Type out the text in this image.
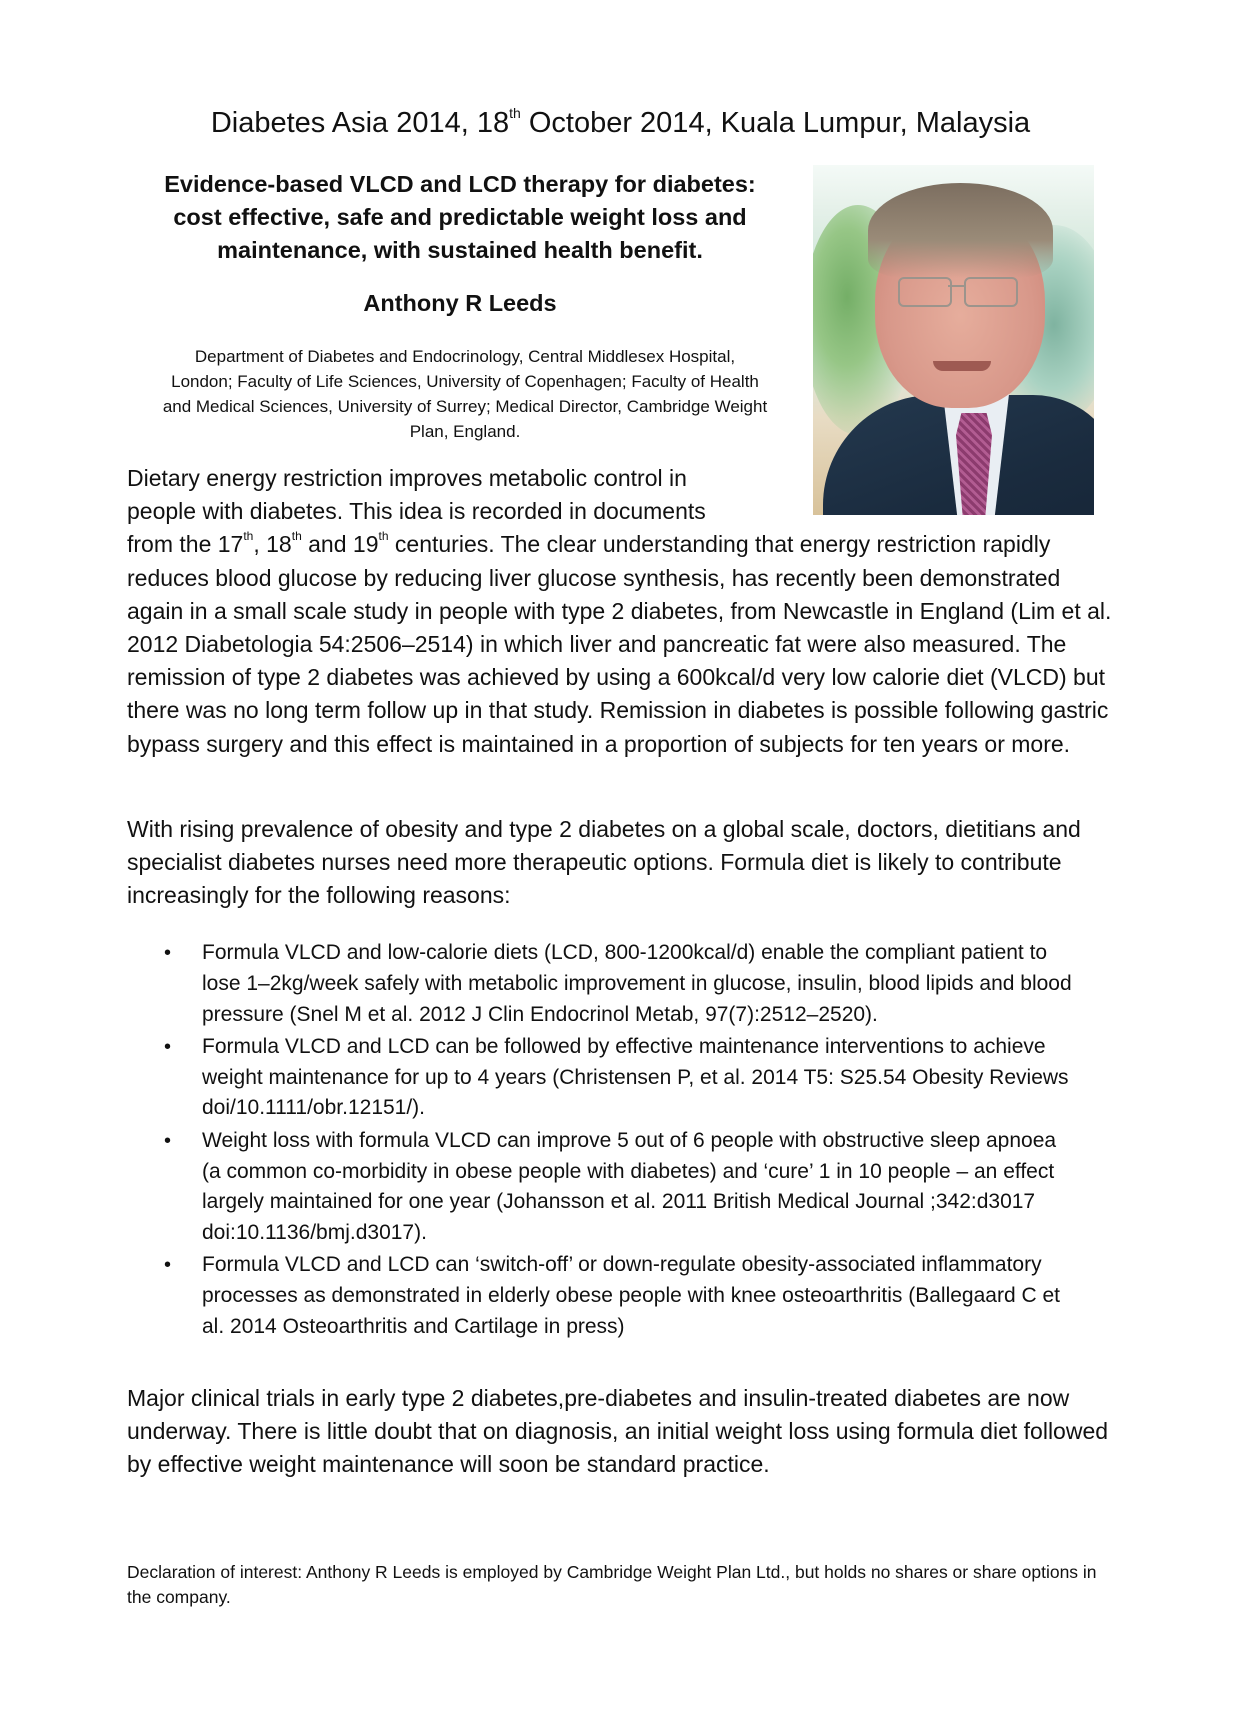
Diabetes Asia 2014, 18th October 2014, Kuala Lumpur, Malaysia
Evidence-based VLCD and LCD therapy for diabetes:
cost effective, safe and predictable weight loss and
maintenance, with sustained health benefit.
Anthony R Leeds
Department of Diabetes and Endocrinology, Central Middlesex Hospital,
London; Faculty of Life Sciences, University of Copenhagen; Faculty of Health
and Medical Sciences, University of Surrey; Medical Director, Cambridge Weight
Plan, England.
Dietary energy restriction improves metabolic control in
people with diabetes. This idea is recorded in documents
from the 17th, 18th and 19th centuries. The clear understanding that energy restriction rapidly reduces blood glucose by reducing liver glucose synthesis, has recently been demonstrated again in a small scale study in people with type 2 diabetes, from Newcastle in England (Lim et al. 2012 Diabetologia 54:2506–2514) in which liver and pancreatic fat were also measured. The remission of type 2 diabetes was achieved by using a 600kcal/d very low calorie diet (VLCD) but there was no long term follow up in that study. Remission in diabetes is possible following gastric bypass surgery and this effect is maintained in a proportion of subjects for ten years or more.
With rising prevalence of obesity and type 2 diabetes on a global scale, doctors, dietitians and specialist diabetes nurses need more therapeutic options. Formula diet is likely to contribute increasingly for the following reasons:
• Formula VLCD and low-calorie diets (LCD, 800-1200kcal/d) enable the compliant patient to lose 1–2kg/week safely with metabolic improvement in glucose, insulin, blood lipids and blood pressure (Snel M et al. 2012 J Clin Endocrinol Metab, 97(7):2512–2520).
• Formula VLCD and LCD can be followed by effective maintenance interventions to achieve weight maintenance for up to 4 years (Christensen P, et al. 2014 T5: S25.54 Obesity Reviews doi/10.1111/obr.12151/).
• Weight loss with formula VLCD can improve 5 out of 6 people with obstructive sleep apnoea (a common co-morbidity in obese people with diabetes) and ‘cure’ 1 in 10 people – an effect largely maintained for one year (Johansson et al. 2011 British Medical Journal ;342:d3017 doi:10.1136/bmj.d3017).
• Formula VLCD and LCD can ‘switch-off’ or down-regulate obesity-associated inflammatory processes as demonstrated in elderly obese people with knee osteoarthritis (Ballegaard C et al. 2014 Osteoarthritis and Cartilage in press)
Major clinical trials in early type 2 diabetes,pre-diabetes and insulin-treated diabetes are now underway. There is little doubt that on diagnosis, an initial weight loss using formula diet followed by effective weight maintenance will soon be standard practice.
Declaration of interest: Anthony R Leeds is employed by Cambridge Weight Plan Ltd., but holds no shares or share options in the company.
